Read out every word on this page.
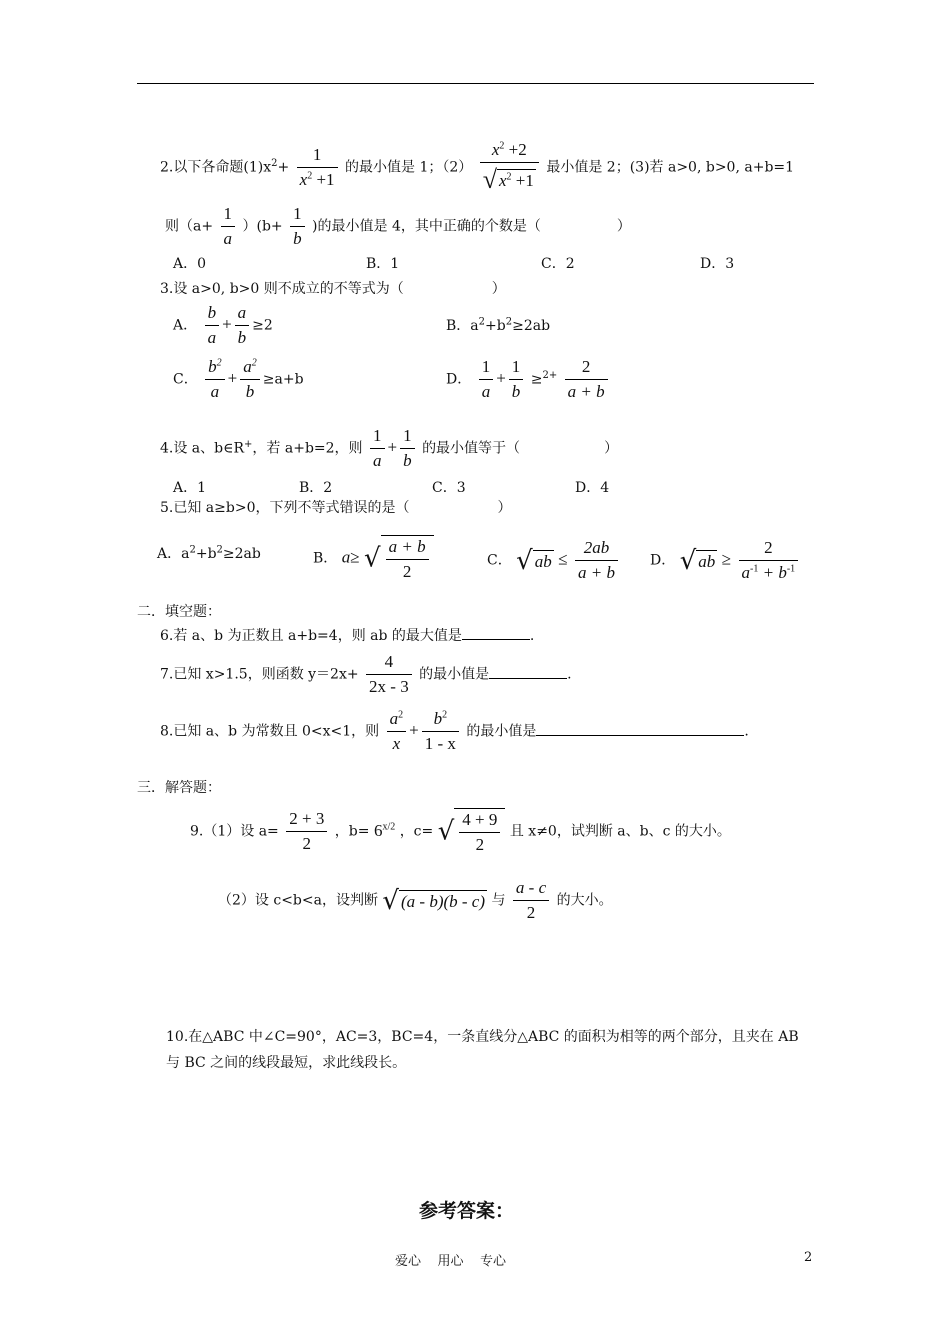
2.以下各命题$(1)x^2+ \frac{1}{x^2 +1}$ 的最小值是 1；$(2) \frac{x^2 +2}{√ x^2 +1}$ 最小值是 2；(3)若 a>0, b>0, a+b=1
则$(a+ \frac{1}{a} )(b+ \frac{1}{b}$ )的最小值是 4，其中正确的个数是（	）
A．0	B．1	C．2	D．3
3.设 a>0, b>0 则不成立的不等式为（	）
A． $\frac{b}{a} + \frac{a}{b} \ge 2$	B．$a^2+b^2\ge 2ab$
C． $\frac{b^2}{a} + \frac{a^2}{b} \ge a+b$	D． $\frac{1}{a} + \frac{1}{b} \ge^{2+} \frac{2}{a + b}$
4.设 a、b∈R+，若 a+b=2，则 $\frac{1}{a} + \frac{1}{b}$ 的最小值等于（	）
A．1	B．2	C．3	D．4
5.已知 a≥b>0，下列不等式错误的是（	）
A．$a^2+b^2\ge 2ab$	B． a≥ √ $\frac{a + b}{2}$	C． √ ab ≤ $\frac{2ab}{a + b}$ D． √ ab ≥ $\frac{2}{a^{-1} + b^{-1}}$
二．填空题：
6.若 a、b 为正数且 a+b=4，则 ab 的最大值是	.
7.已知 x>1.5，则函数 $y=2x+ \frac{4}{2x - 3}$ 的最小值是	.
8.已知 a、b 为常数且 0<x<1，则 $\frac{a^2}{x} + \frac{b^2}{1 - x}$ 的最小值是	.
三．解答题：
9.（1）设 $a= \frac{2 + 3}{2}$ ，$b= 6^{x/2}$ ，c= √ $\frac{4 + 9}{2}$ 且 x≠0，试判断 a、b、c 的大小。
（2）设 c<b<a，设判断 √ (a - b)(b - c) 与 $\frac{a - c}{2}$ 的大小。
10.在△ABC 中∠C=90°，AC=3，BC=4，一条直线分△ABC 的面积为相等的两个部分，且夹在 AB
与 BC 之间的线段最短，求此线段长。
参考答案：
爱心    用心    专心	2
